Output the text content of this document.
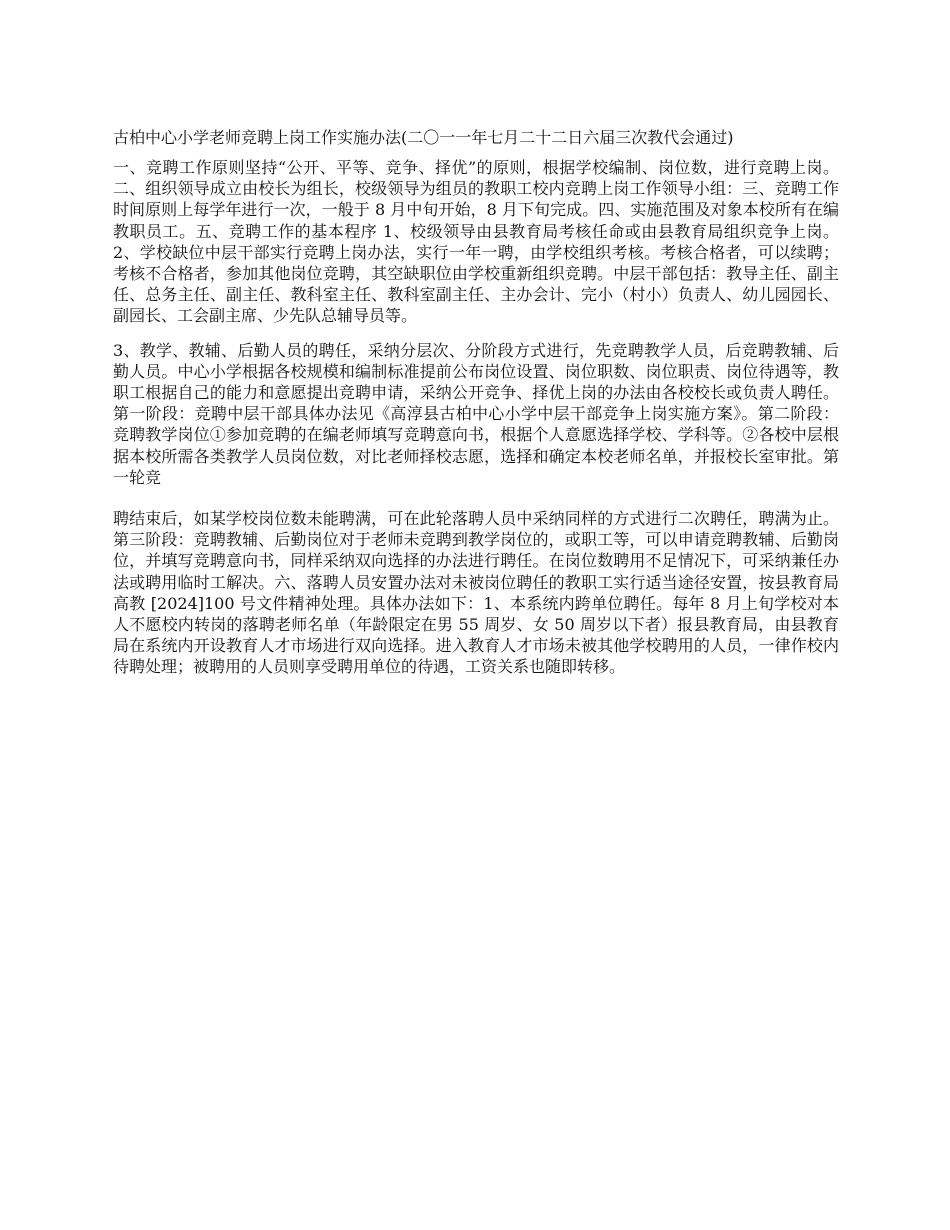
古柏中心小学老师竞聘上岗工作实施办法(二〇一一年七月二十二日六届三次教代会通过)

一、竞聘工作原则坚持“公开、平等、竞争、择优”的原则，根据学校编制、岗位数，进行竞聘上岗。二、组织领导成立由校长为组长，校级领导为组员的教职工校内竞聘上岗工作领导小组：三、竞聘工作时间原则上每学年进行一次，一般于 8 月中旬开始，8 月下旬完成。四、实施范围及对象本校所有在编教职员工。五、竞聘工作的基本程序 1、校级领导由县教育局考核任命或由县教育局组织竞争上岗。2、学校缺位中层干部实行竞聘上岗办法，实行一年一聘，由学校组织考核。考核合格者，可以续聘；考核不合格者，参加其他岗位竞聘，其空缺职位由学校重新组织竞聘。中层干部包括：教导主任、副主任、总务主任、副主任、教科室主任、教科室副主任、主办会计、完小（村小）负责人、幼儿园园长、副园长、工会副主席、少先队总辅导员等。

3、教学、教辅、后勤人员的聘任，采纳分层次、分阶段方式进行，先竞聘教学人员，后竞聘教辅、后勤人员。中心小学根据各校规模和编制标准提前公布岗位设置、岗位职数、岗位职责、岗位待遇等，教职工根据自己的能力和意愿提出竞聘申请，采纳公开竞争、择优上岗的办法由各校校长或负责人聘任。第一阶段：竞聘中层干部具体办法见《高淳县古柏中心小学中层干部竞争上岗实施方案》。第二阶段：竞聘教学岗位①参加竞聘的在编老师填写竞聘意向书，根据个人意愿选择学校、学科等。②各校中层根据本校所需各类教学人员岗位数，对比老师择校志愿，选择和确定本校老师名单，并报校长室审批。第一轮竞

聘结束后，如某学校岗位数未能聘满，可在此轮落聘人员中采纳同样的方式进行二次聘任，聘满为止。第三阶段：竞聘教辅、后勤岗位对于老师未竞聘到教学岗位的，或职工等，可以申请竞聘教辅、后勤岗位，并填写竞聘意向书，同样采纳双向选择的办法进行聘任。在岗位数聘用不足情况下，可采纳兼任办法或聘用临时工解决。六、落聘人员安置办法对未被岗位聘任的教职工实行适当途径安置，按县教育局高教 [2024]100 号文件精神处理。具体办法如下：1、本系统内跨单位聘任。每年 8 月上旬学校对本人不愿校内转岗的落聘老师名单（年龄限定在男 55 周岁、女 50 周岁以下者）报县教育局，由县教育局在系统内开设教育人才市场进行双向选择。进入教育人才市场未被其他学校聘用的人员，一律作校内待聘处理；被聘用的人员则享受聘用单位的待遇，工资关系也随即转移。
